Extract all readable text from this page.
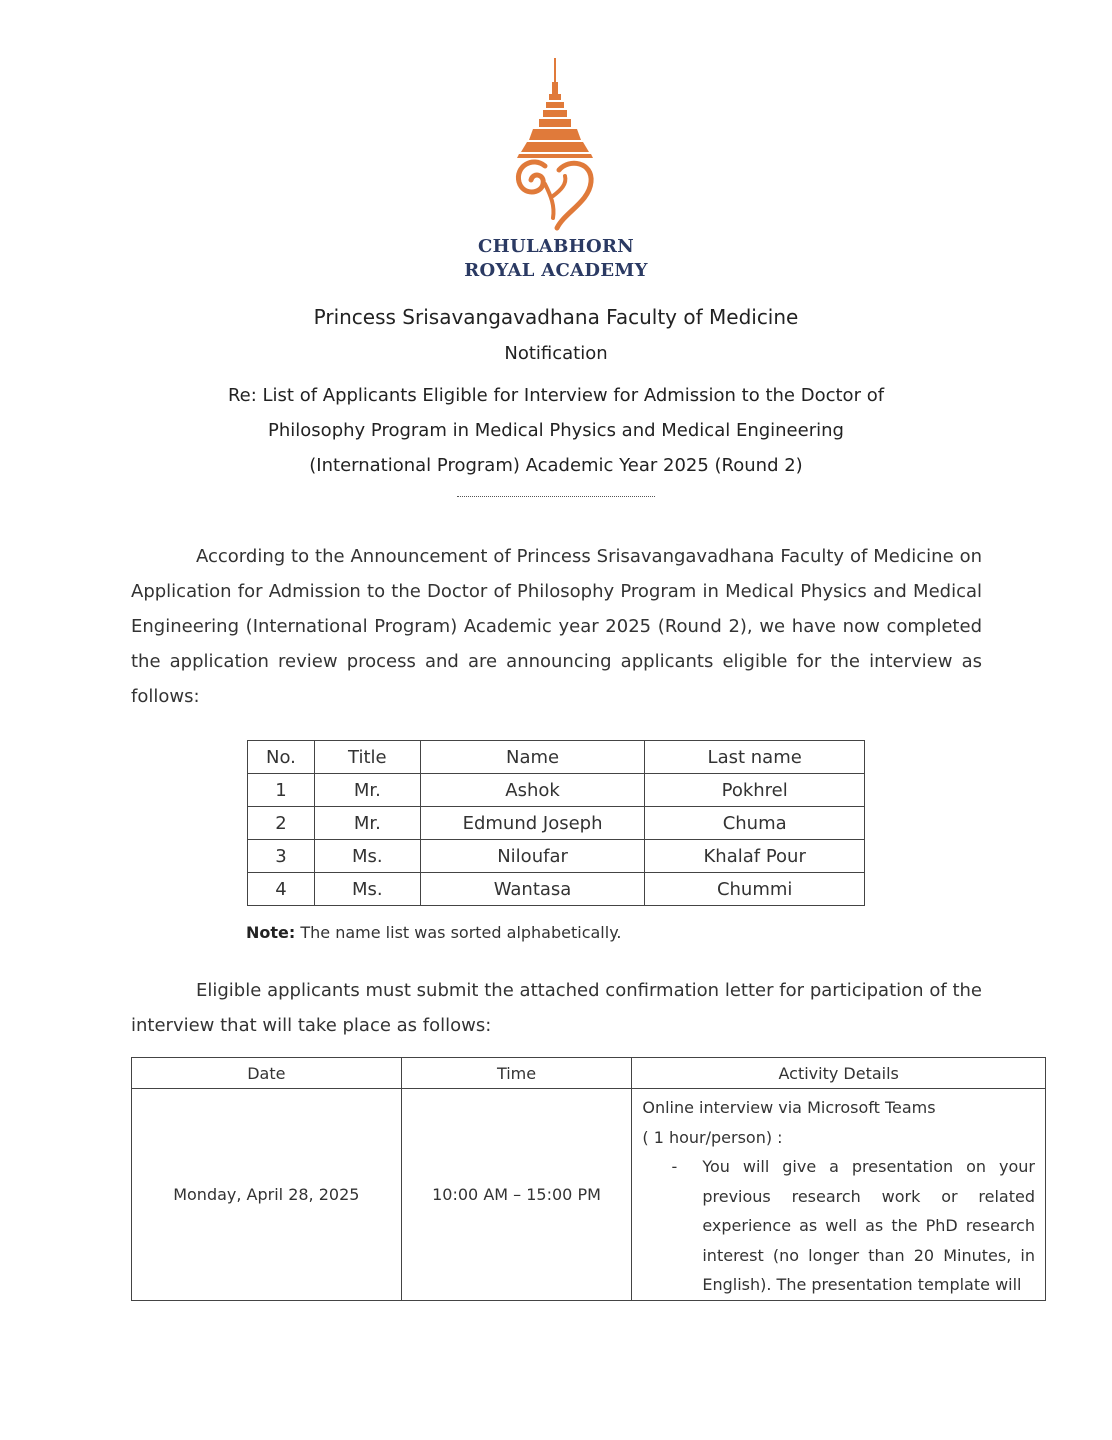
CHULABHORN
ROYAL ACADEMY
Princess Srisavangavadhana Faculty of Medicine
Notification
Re: List of Applicants Eligible for Interview for Admission to the Doctor of
Philosophy Program in Medical Physics and Medical Engineering
(International Program) Academic Year 2025 (Round 2)
According to the Announcement of Princess Srisavangavadhana Faculty of Medicine on Application for Admission to the Doctor of Philosophy Program in Medical Physics and Medical Engineering (International Program) Academic year 2025 (Round 2), we have now completed the application review process and are announcing applicants eligible for the interview as follows:
No.	Title	Name	Last name
1	Mr.	Ashok	Pokhrel
2	Mr.	Edmund Joseph	Chuma
3	Ms.	Niloufar	Khalaf Pour
4	Ms.	Wantasa	Chummi
Note: The name list was sorted alphabetically.
Eligible applicants must submit the attached confirmation letter for participation of the interview that will take place as follows:
Date	Time	Activity Details
Monday, April 28, 2025	10:00 AM – 15:00 PM	Online interview via Microsoft Teams
( 1 hour/person) :
- You will give a presentation on your previous research work or related experience as well as the PhD research interest (no longer than 20 Minutes, in English). The presentation template will
